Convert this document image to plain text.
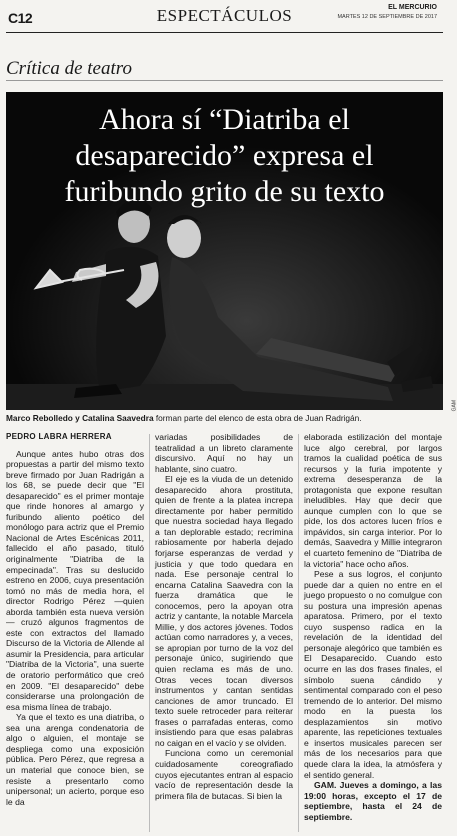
C12	ESPECTÁCULOS	EL MERCURIO
MARTES 12 DE SEPTIEMBRE DE 2017
Crítica de teatro
Ahora sí “Diatriba el
desaparecido” expresa el
furibundo grito de su texto
GAM
Marco Rebolledo y Catalina Saavedra forman parte del elenco de esta obra de Juan Radrigán.

PEDRO LABRA HERRERA

Aunque antes hubo otras dos propuestas a partir del mismo texto breve firmado por Juan Radrigán a los 68, se puede decir que "El desaparecido" es el primer montaje que rinde honores al amargo y furibundo aliento poético del monólogo para actriz que el Premio Nacional de Artes Escénicas 2011, fallecido el año pasado, tituló originalmente "Diatriba de la empecinada". Tras su deslucido estreno en 2006, cuya presentación tomó no más de media hora, el director Rodrigo Pérez —quien aborda también esta nueva versión— cruzó algunos fragmentos de este con extractos del llamado Discurso de la Victoria de Allende al asumir la Presidencia, para articular "Diatriba de la Victoria", una suerte de oratorio performático que creó en 2009. "El desaparecido" debe considerarse una prolongación de esa misma línea de trabajo.

Ya que el texto es una diatriba, o sea una arenga condenatoria de algo o alguien, el montaje se despliega como una exposición pública. Pero Pérez, que regresa a un material que conoce bien, se resiste a presentarlo como unipersonal; un acierto, porque eso le da

variadas posibilidades de teatralidad a un libreto claramente discursivo. Aquí no hay un hablante, sino cuatro.

El eje es la viuda de un detenido desaparecido ahora prostituta, quien de frente a la platea increpa directamente por haber permitido que nuestra sociedad haya llegado a tan deplorable estado; recrimina rabiosamente por haberla dejado forjarse esperanzas de verdad y justicia y que todo quedara en nada. Ese personaje central lo encarna Catalina Saavedra con la fuerza dramática que le conocemos, pero la apoyan otra actriz y cantante, la notable Marcela Millie, y dos actores jóvenes. Todos actúan como narradores y, a veces, se apropian por turno de la voz del personaje único, sugiriendo que quien reclama es más de uno. Otras veces tocan diversos instrumentos y cantan sentidas canciones de amor truncado. El texto suele retroceder para reiterar frases o parrafadas enteras, como insistiendo para que esas palabras no caigan en el vacío y se olviden.

Funciona como un ceremonial cuidadosamente coreografiado cuyos ejecutantes entran al espacio vacío de representación desde la primera fila de butacas. Si bien la

elaborada estilización del montaje luce algo cerebral, por largos tramos la cualidad poética de sus recursos y la furia impotente y extrema desesperanza de la protagonista que expone resultan ineludibles. Hay que decir que aunque cumplen con lo que se pide, los dos actores lucen fríos e impávidos, sin carga interior. Por lo demás, Saavedra y Millie integraron el cuarteto femenino de "Diatriba de la victoria" hace ocho años.

Pese a sus logros, el conjunto puede dar a quien no entre en el juego propuesto o no comulgue con su postura una impresión apenas aparatosa. Primero, por el texto cuyo suspenso radica en la revelación de la identidad del personaje alegórico que también es El Desaparecido. Cuando esto ocurre en las dos frases finales, el símbolo suena cándido y sentimental comparado con el peso tremendo de lo anterior. Del mismo modo en la puesta los desplazamientos sin motivo aparente, las repeticiones textuales e insertos musicales parecen ser más de los necesarios para que quede clara la idea, la atmósfera y el sentido general.

GAM. Jueves a domingo, a las 19:00 horas, excepto el 17 de septiembre, hasta el 24 de septiembre.
